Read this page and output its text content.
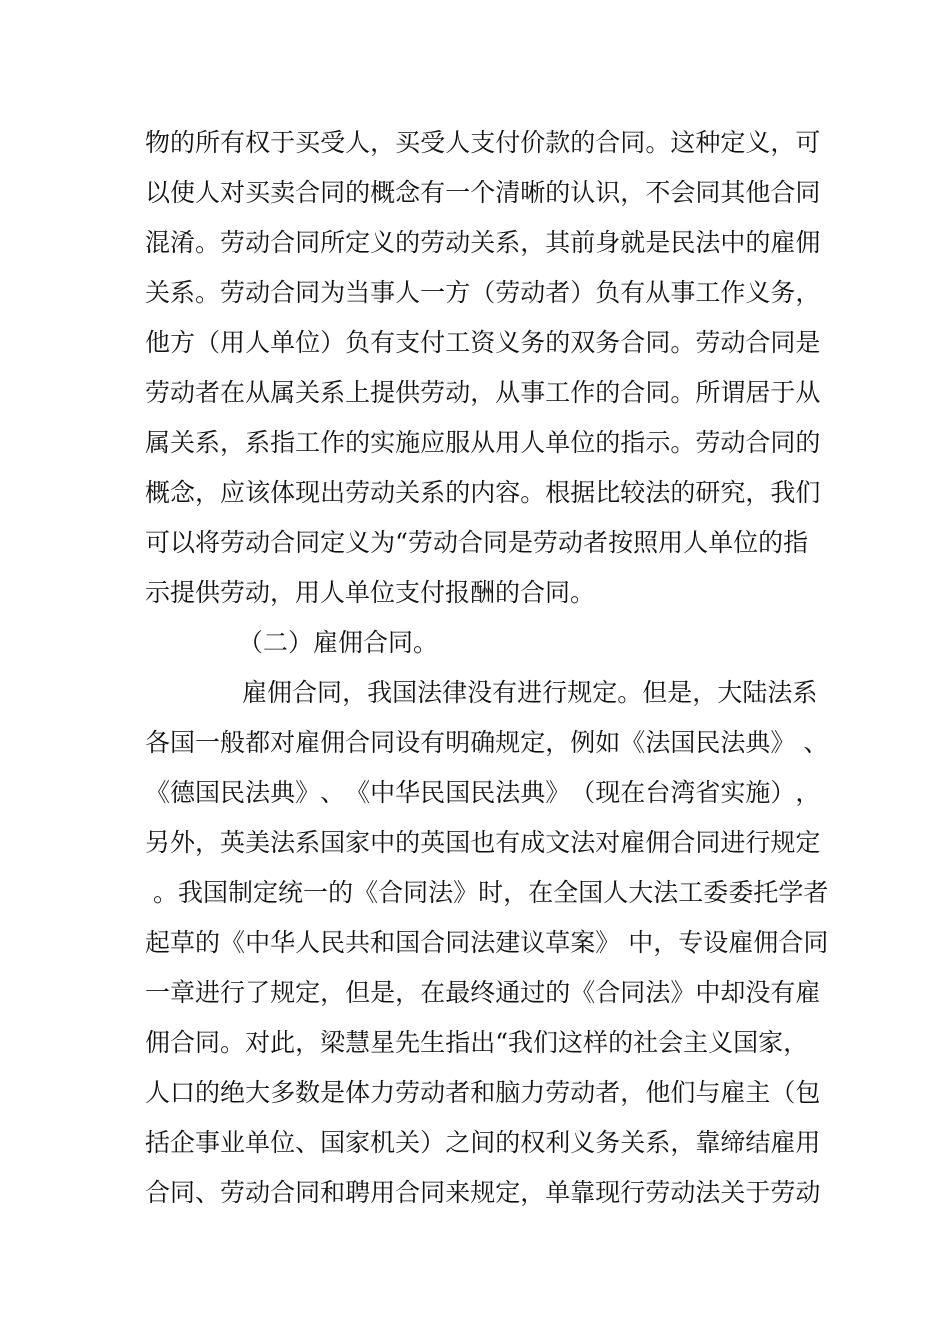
物 的 所 有 权 于 买 受 人 ， 买 受 人 支 付 价 款 的 合 同 。 这 种 定 义 ， 可
以 使 人 对 买 卖 合 同 的 概 念 有 一 个 清 晰 的 认 识 ， 不 会 同 其 他 合 同
混 淆 。 劳 动 合 同 所 定 义 的 劳 动 关 系 ， 其 前 身 就 是 民 法 中 的 雇 佣
关 系 。 劳 动 合 同 为 当 事 人 一 方 （ 劳 动 者 ） 负 有 从 事 工 作 义 务 ，
他 方 （ 用 人 单 位 ） 负 有 支 付 工 资 义 务 的 双 务 合 同 。 劳 动 合 同 是
劳 动 者 在 从 属 关 系 上 提 供 劳 动 ， 从 事 工 作 的 合 同 。 所 谓 居 于 从
属 关 系 ， 系 指 工 作 的 实 施 应 服 从 用 人 单 位 的 指 示 。 劳 动 合 同 的
概 念 ， 应 该 体 现 出 劳 动 关 系 的 内 容 。 根 据 比 较 法 的 研 究 ， 我 们
可 以 将 劳 动 合 同 定 义 为 “ 劳 动 合 同 是 劳 动 者 按 照 用 人 单 位 的 指
示提供劳动，用人单位支付报酬的合同。
（二）雇佣合同。
雇 佣 合 同 ， 我 国 法 律 没 有 进 行 规 定 。 但 是 ， 大 陆 法 系
各 国 一 般 都 对 雇 佣 合 同 设 有 明 确 规 定 ， 例 如 《 法 国 民 法 典 》
、
《 德 国 民 法 典 》 、 《 中 华 民 国 民 法 典 》 （ 现 在 台 湾 省 实 施 ） ，
另 外 ， 英 美 法 系 国 家 中 的 英 国 也 有 成 文 法 对 雇 佣 合 同 进 行 规 定

。 我 国 制 定 统 一 的 《 合 同 法 》 时 ， 在 全 国 人 大 法 工 委 委 托 学 者
起 草 的 《 中 华 人 民 共 和 国 合 同 法 建 议 草 案 》
中 ， 专 设 雇 佣 合 同
一 章 进 行 了 规 定 ， 但 是 ， 在 最 终 通 过 的 《 合 同 法 》 中 却 没 有 雇
佣 合 同 。 对 此 ， 梁 慧 星 先 生 指 出 “ 我 们 这 样 的 社 会 主 义 国 家 ，
人 口 的 绝 大 多 数 是 体 力 劳 动 者 和 脑 力 劳 动 者 ， 他 们 与 雇 主 （ 包
括 企 事 业 单 位 、 国 家 机 关 ） 之 间 的 权 利 义 务 关 系 ， 靠 缔 结 雇 用
合 同 、 劳 动 合 同 和 聘 用 合 同 来 规 定 ， 单 靠 现 行 劳 动 法 关 于 劳 动
